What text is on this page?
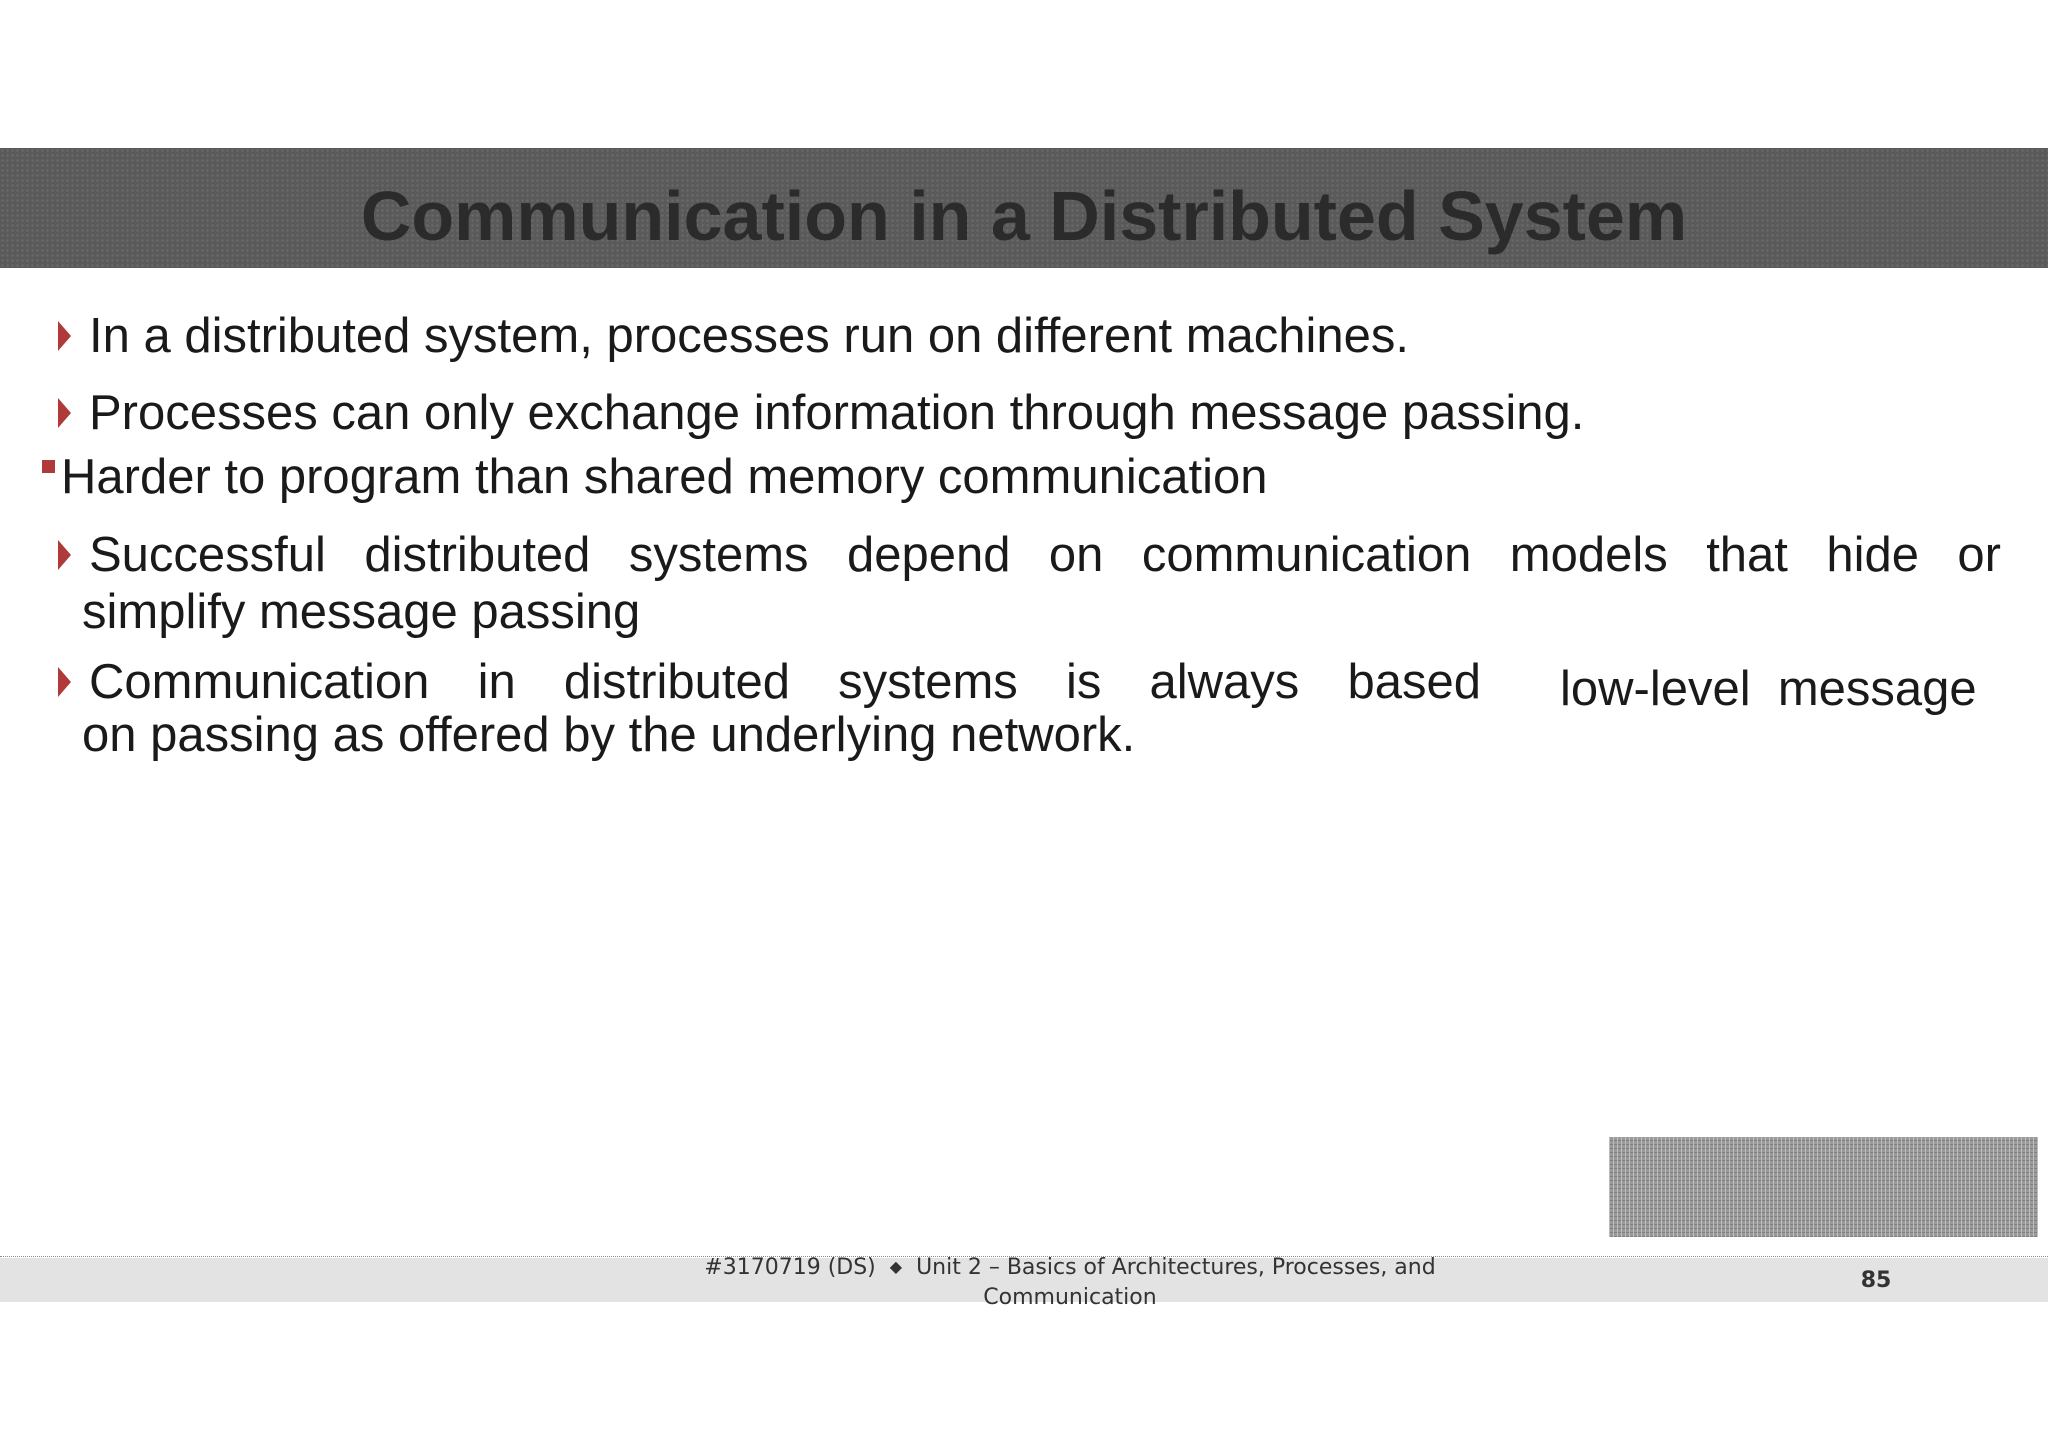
Communication in a Distributed System
In a distributed system, processes run on different machines.
Processes can only exchange information through message passing.
Harder to program than shared memory communication
Successful distributed systems depend on communication models that hide or
simplify message passing
Communication in distributed systems is always based low-level  message
on passing as offered by the underlying network.
#3170719 (DS) ◆ Unit 2 – Basics of Architectures, Processes, and
Communication
85
